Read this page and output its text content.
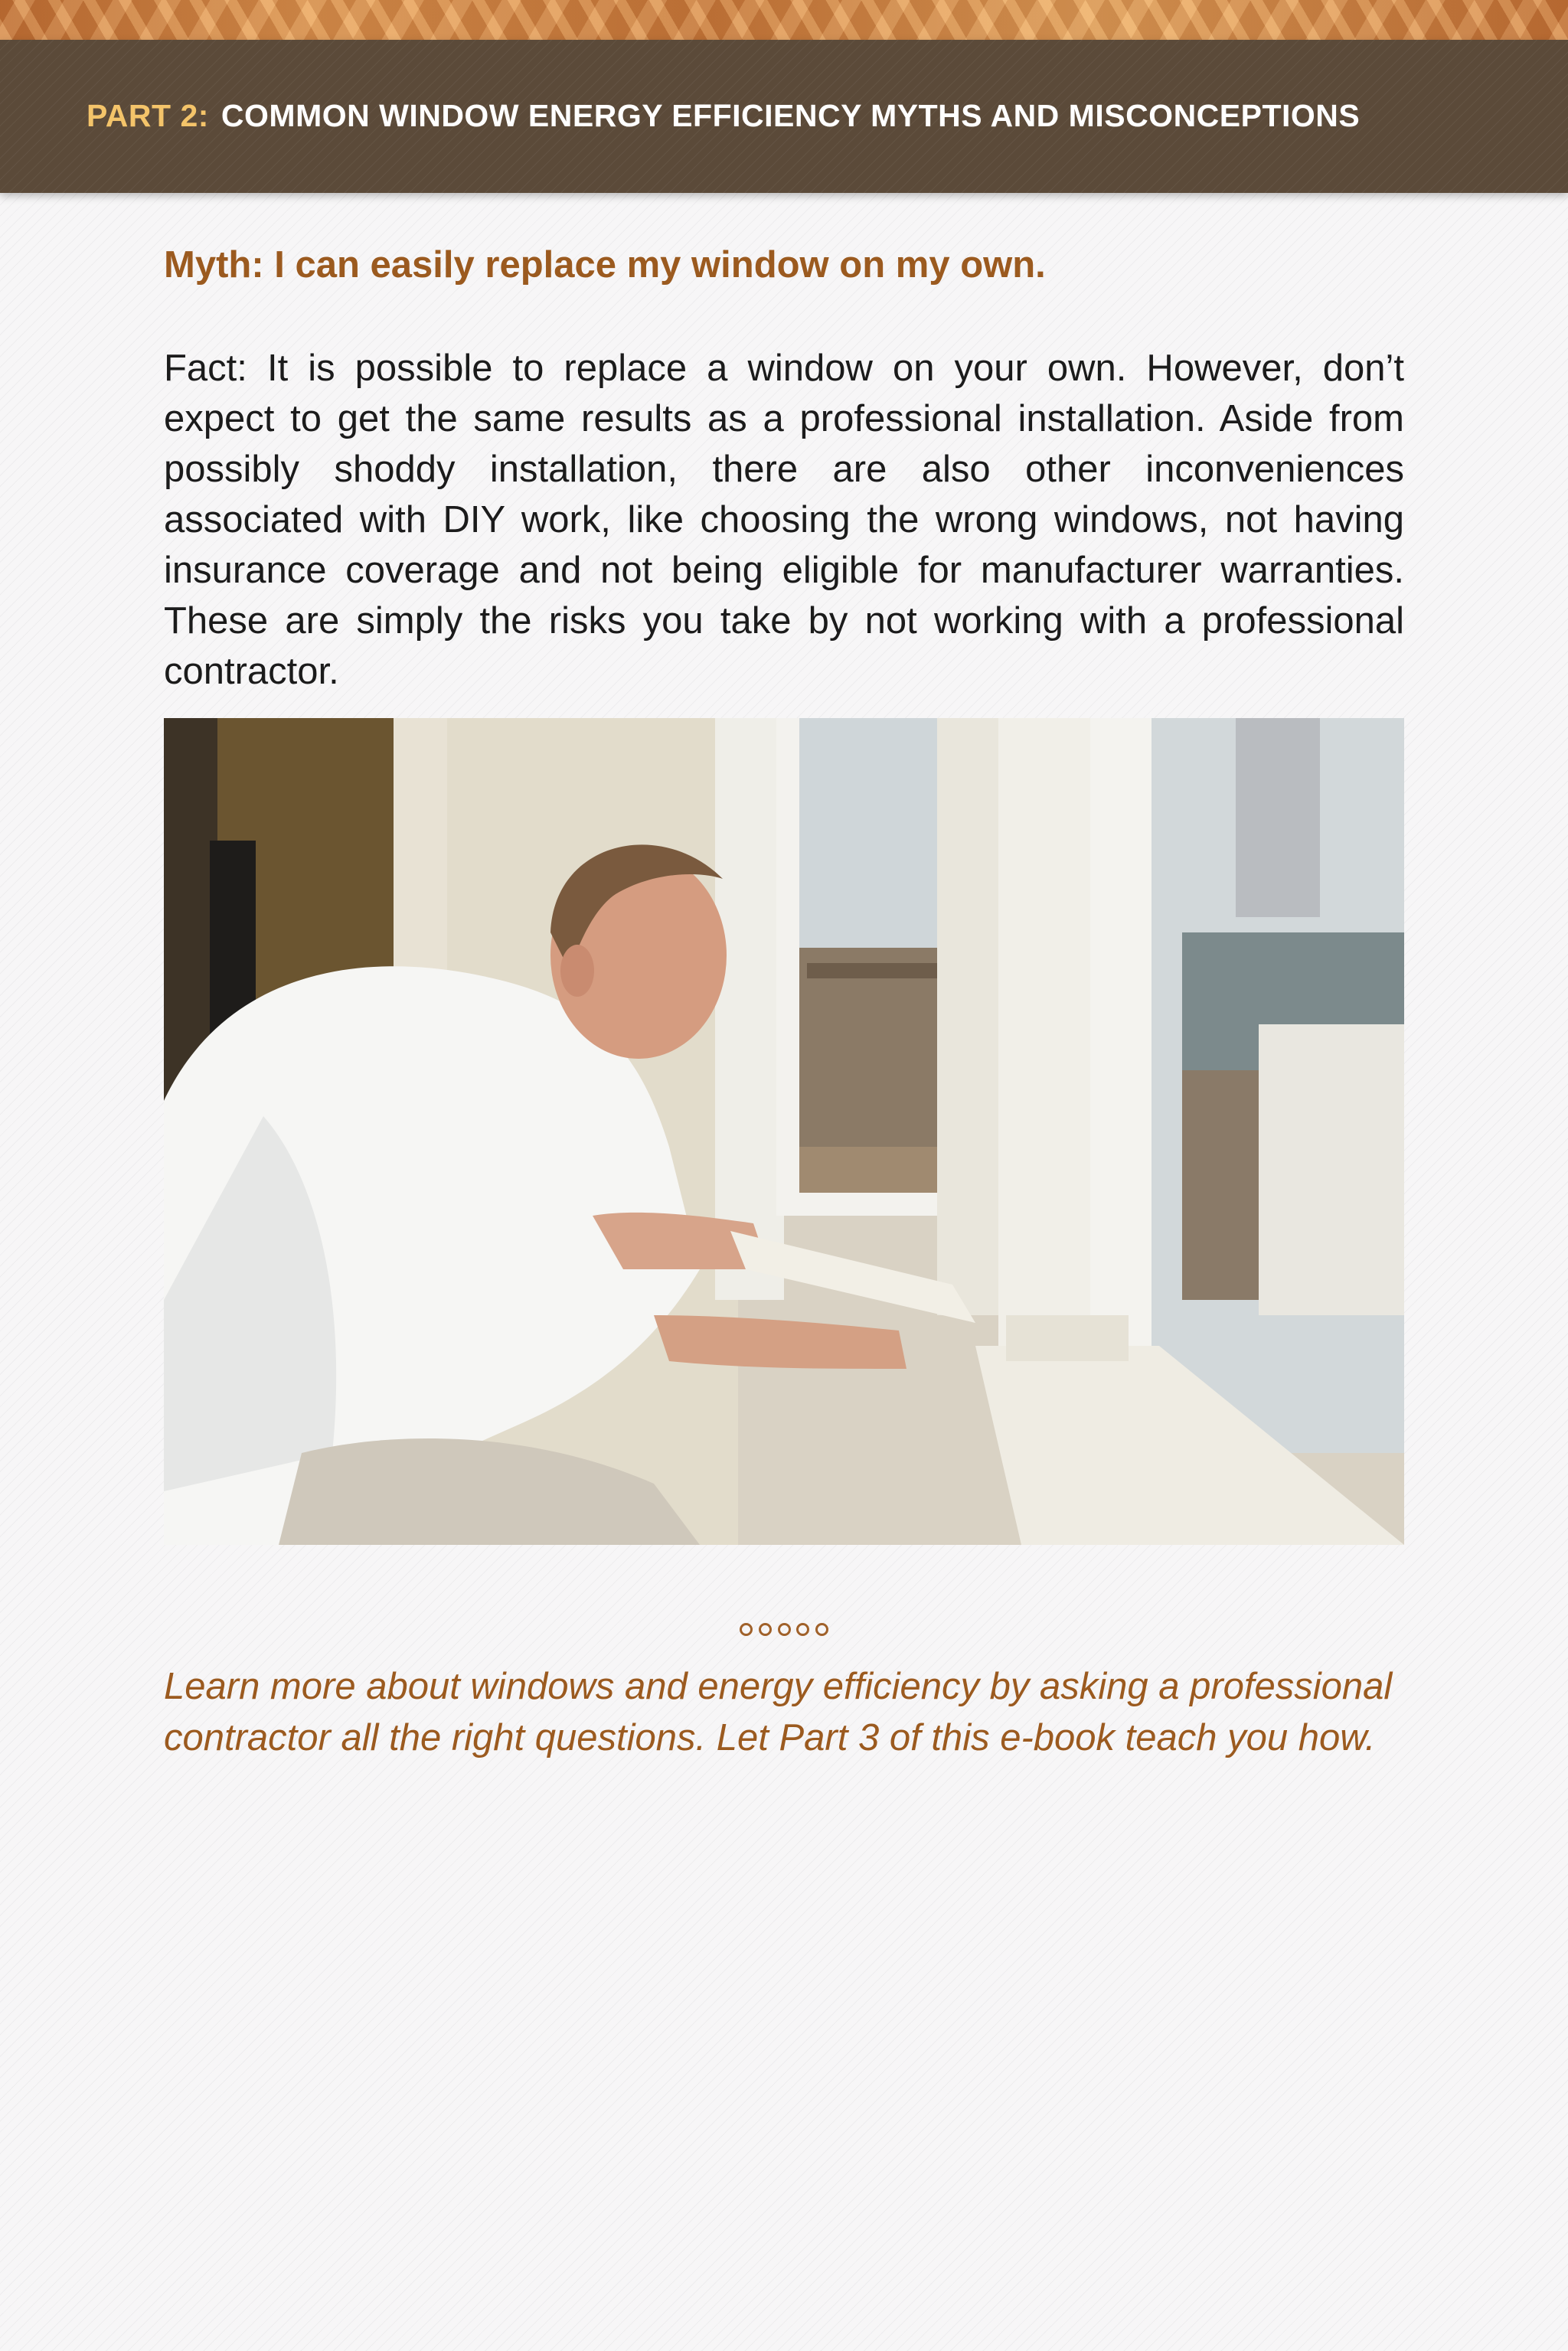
PART 2: COMMON WINDOW ENERGY EFFICIENCY MYTHS AND MISCONCEPTIONS
Myth: I can easily replace my window on my own.

Fact: It is possible to replace a window on your own. However, don’t expect to get the same results as a professional installation. Aside from possibly shoddy installation, there are also other inconveniences associated with DIY work, like choosing the wrong windows, not having insurance coverage and not being eligible for manufacturer warranties. These are simply the risks you take by not working with a professional contractor.

Learn more about windows and energy efficiency by asking a professional contractor all the right questions. Let Part 3 of this e-book teach you how.
